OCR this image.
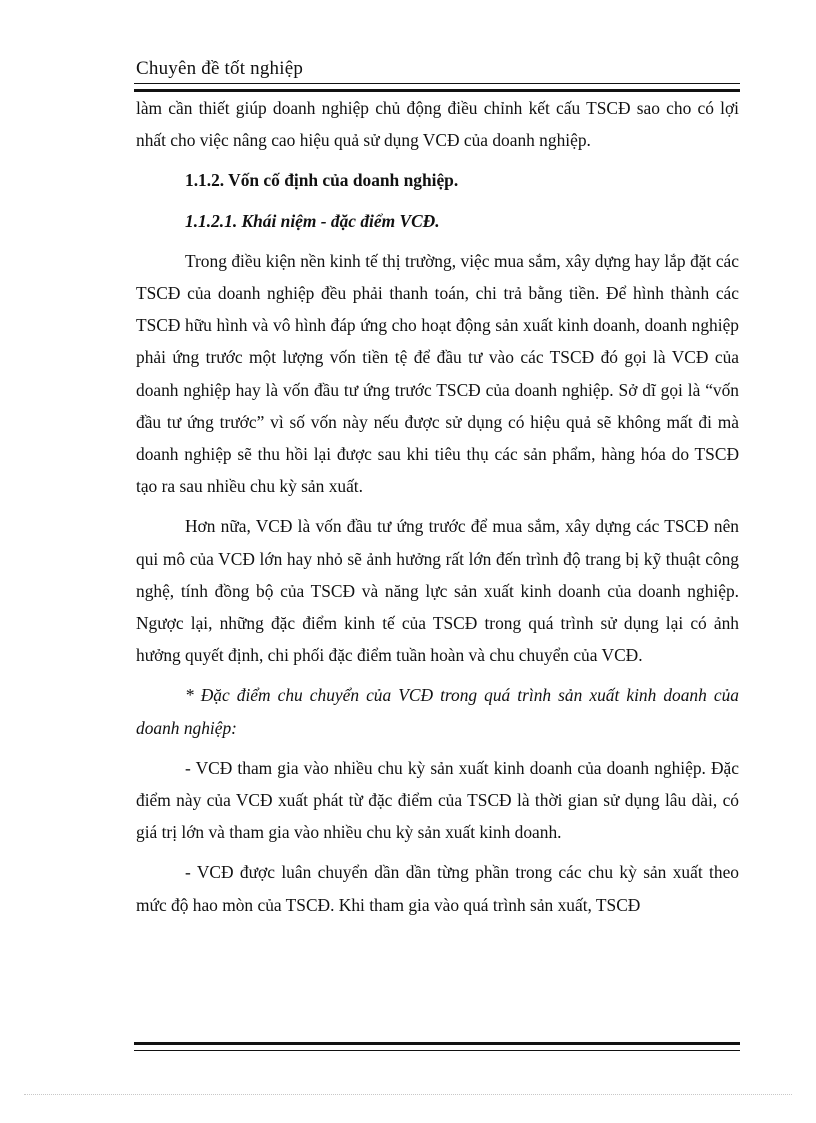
Chuyên đề tốt nghiệp

làm cần thiết giúp doanh nghiệp chủ động điều chỉnh kết cấu TSCĐ sao cho có lợi nhất cho việc nâng cao hiệu quả sử dụng VCĐ của doanh nghiệp.

1.1.2. Vốn cố định của doanh nghiệp.

1.1.2.1. Khái niệm - đặc điểm VCĐ.

Trong điều kiện nền kinh tế thị trường, việc mua sắm, xây dựng hay lắp đặt các TSCĐ của doanh nghiệp đều phải thanh toán, chi trả bằng tiền. Để hình thành các TSCĐ hữu hình và vô hình đáp ứng cho hoạt động sản xuất kinh doanh, doanh nghiệp phải ứng trước một lượng vốn tiền tệ để đầu tư vào các TSCĐ đó gọi là VCĐ của doanh nghiệp hay là vốn đầu tư ứng trước TSCĐ của doanh nghiệp. Sở dĩ gọi là “vốn đầu tư ứng trước” vì số vốn này nếu được sử dụng có hiệu quả sẽ không mất đi mà doanh nghiệp sẽ thu hồi lại được sau khi tiêu thụ các sản phẩm, hàng hóa do TSCĐ tạo ra sau nhiều chu kỳ sản xuất.

Hơn nữa, VCĐ là vốn đầu tư ứng trước để mua sắm, xây dựng các TSCĐ nên qui mô của VCĐ lớn hay nhỏ sẽ ảnh hưởng rất lớn đến trình độ trang bị kỹ thuật công nghệ, tính đồng bộ của TSCĐ và năng lực sản xuất kinh doanh của doanh nghiệp. Ngược lại, những đặc điểm kinh tế của TSCĐ trong quá trình sử dụng lại có ảnh hưởng quyết định, chi phối đặc điểm tuần hoàn và chu chuyển của VCĐ.

* Đặc điểm chu chuyển của VCĐ trong quá trình sản xuất kinh doanh của doanh nghiệp:

- VCĐ tham gia vào nhiều chu kỳ sản xuất kinh doanh của doanh nghiệp. Đặc điểm này của VCĐ xuất phát từ đặc điểm của TSCĐ là thời gian sử dụng lâu dài, có giá trị lớn và tham gia vào nhiều chu kỳ sản xuất kinh doanh.

- VCĐ được luân chuyển dần dần từng phần trong các chu kỳ sản xuất theo mức độ hao mòn của TSCĐ. Khi tham gia vào quá trình sản xuất, TSCĐ
